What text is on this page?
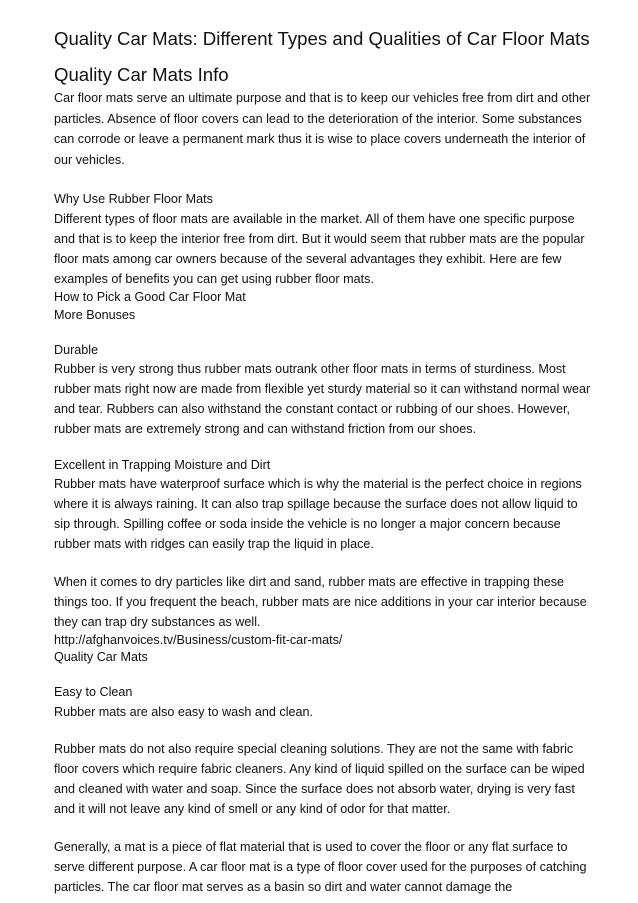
Quality Car Mats: Different Types and Qualities of Car Floor Mats
Quality Car Mats Info

Car floor mats serve an ultimate purpose and that is to keep our vehicles free from dirt and other particles. Absence of floor covers can lead to the deterioration of the interior. Some substances can corrode or leave a permanent mark thus it is wise to place covers underneath the interior of our vehicles.

Why Use Rubber Floor Mats

Different types of floor mats are available in the market. All of them have one specific purpose and that is to keep the interior free from dirt. But it would seem that rubber mats are the popular floor mats among car owners because of the several advantages they exhibit. Here are few examples of benefits you can get using rubber floor mats.

How to Pick a Good Car Floor Mat

More Bonuses

Durable

Rubber is very strong thus rubber mats outrank other floor mats in terms of sturdiness. Most rubber mats right now are made from flexible yet sturdy material so it can withstand normal wear and tear. Rubbers can also withstand the constant contact or rubbing of our shoes. However, rubber mats are extremely strong and can withstand friction from our shoes.

Excellent in Trapping Moisture and Dirt

Rubber mats have waterproof surface which is why the material is the perfect choice in regions where it is always raining. It can also trap spillage because the surface does not allow liquid to sip through. Spilling coffee or soda inside the vehicle is no longer a major concern because rubber mats with ridges can easily trap the liquid in place.

When it comes to dry particles like dirt and sand, rubber mats are effective in trapping these things too. If you frequent the beach, rubber mats are nice additions in your car interior because they can trap dry substances as well.

http://afghanvoices.tv/Business/custom-fit-car-mats/

Quality Car Mats

Easy to Clean

Rubber mats are also easy to wash and clean.

Rubber mats do not also require special cleaning solutions. They are not the same with fabric floor covers which require fabric cleaners. Any kind of liquid spilled on the surface can be wiped and cleaned with water and soap. Since the surface does not absorb water, drying is very fast and it will not leave any kind of smell or any kind of odor for that matter.

Generally, a mat is a piece of flat material that is used to cover the floor or any flat surface to serve different purpose. A car floor mat is a type of floor cover used for the purposes of catching particles. The car floor mat serves as a basin so dirt and water cannot damage the
